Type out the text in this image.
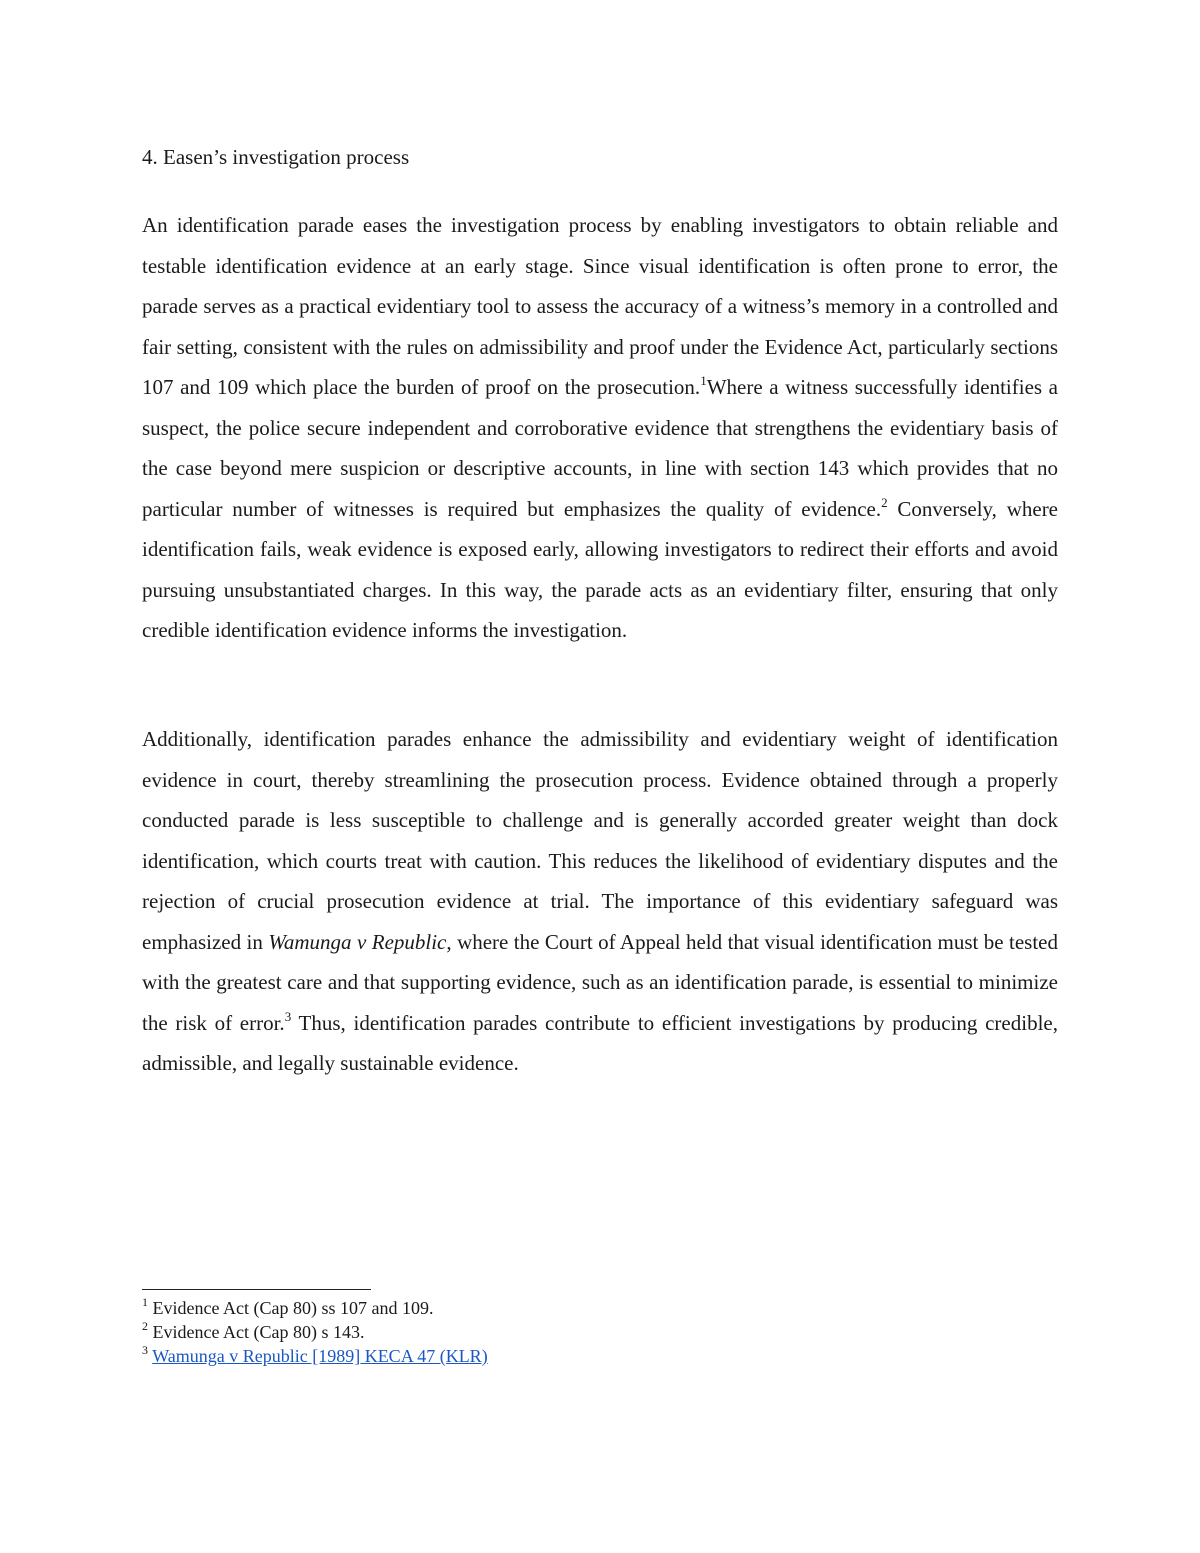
4. Easen’s investigation process

An identification parade eases the investigation process by enabling investigators to obtain reliable and testable identification evidence at an early stage. Since visual identification is often prone to error, the parade serves as a practical evidentiary tool to assess the accuracy of a witness’s memory in a controlled and fair setting, consistent with the rules on admissibility and proof under the Evidence Act, particularly sections 107 and 109 which place the burden of proof on the prosecution.$^1$Where a witness successfully identifies a suspect, the police secure independent and corroborative evidence that strengthens the evidentiary basis of the case beyond mere suspicion or descriptive accounts, in line with section 143 which provides that no particular number of witnesses is required but emphasizes the quality of evidence.$^2$ Conversely, where identification fails, weak evidence is exposed early, allowing investigators to redirect their efforts and avoid pursuing unsubstantiated charges. In this way, the parade acts as an evidentiary filter, ensuring that only credible identification evidence informs the investigation.

Additionally, identification parades enhance the admissibility and evidentiary weight of identification evidence in court, thereby streamlining the prosecution process. Evidence obtained through a properly conducted parade is less susceptible to challenge and is generally accorded greater weight than dock identification, which courts treat with caution. This reduces the likelihood of evidentiary disputes and the rejection of crucial prosecution evidence at trial. The importance of this evidentiary safeguard was emphasized in Wamunga v Republic, where the Court of Appeal held that visual identification must be tested with the greatest care and that supporting evidence, such as an identification parade, is essential to minimize the risk of error.$^3$ Thus, identification parades contribute to efficient investigations by producing credible, admissible, and legally sustainable evidence.

$^1$ Evidence Act (Cap 80) ss 107 and 109.

$^2$ Evidence Act (Cap 80) s 143.

$^3$ Wamunga v Republic [1989] KECA 47 (KLR)
